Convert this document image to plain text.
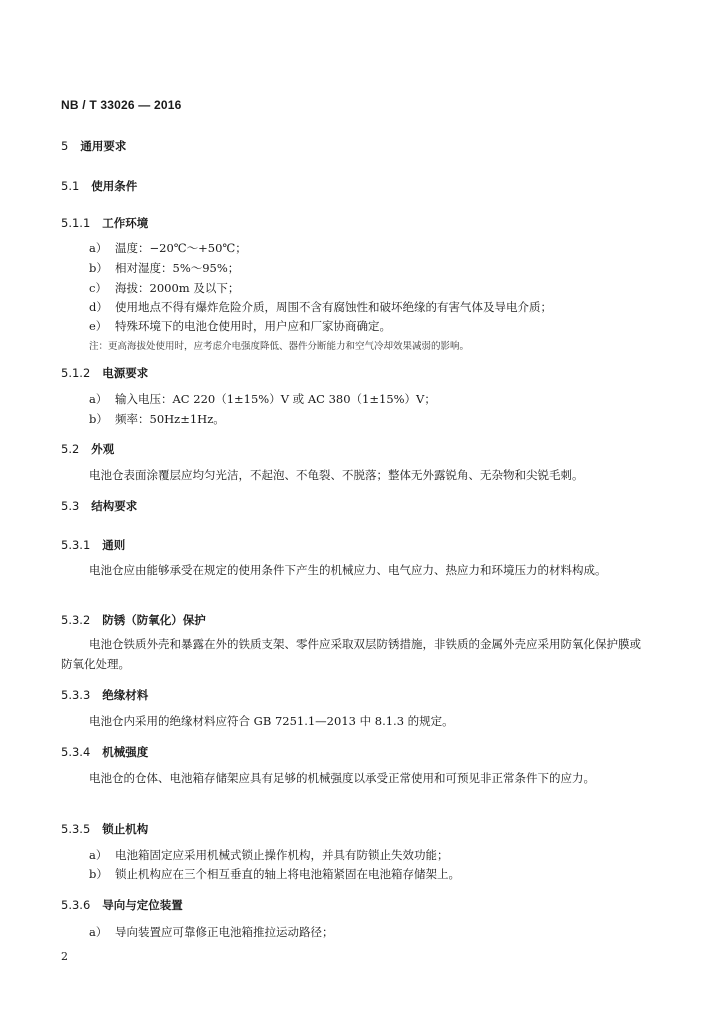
NB / T 33026 — 2016
5 通用要求
5.1 使用条件
5.1.1 工作环境
a） 温度：−20℃～+50℃；
b） 相对湿度：5%～95%；
c） 海拔：2000m 及以下；
d） 使用地点不得有爆炸危险介质，周围不含有腐蚀性和破坏绝缘的有害气体及导电介质；
e） 特殊环境下的电池仓使用时，用户应和厂家协商确定。
注：更高海拔处使用时，应考虑介电强度降低、器件分断能力和空气冷却效果减弱的影响。
5.1.2 电源要求
a） 输入电压：AC 220（1±15%）V 或 AC 380（1±15%）V；
b） 频率：50Hz±1Hz。
5.2 外观
电池仓表面涂覆层应均匀光洁，不起泡、不龟裂、不脱落；整体无外露锐角、无杂物和尖锐毛刺。
5.3 结构要求
5.3.1 通则
电池仓应由能够承受在规定的使用条件下产生的机械应力、电气应力、热应力和环境压力的材料构成。
5.3.2 防锈（防氧化）保护
电池仓铁质外壳和暴露在外的铁质支架、零件应采取双层防锈措施，非铁质的金属外壳应采用防氧化保护膜或防氧化处理。
5.3.3 绝缘材料
电池仓内采用的绝缘材料应符合 GB 7251.1—2013 中 8.1.3 的规定。
5.3.4 机械强度
电池仓的仓体、电池箱存储架应具有足够的机械强度以承受正常使用和可预见非正常条件下的应力。
5.3.5 锁止机构
a） 电池箱固定应采用机械式锁止操作机构，并具有防锁止失效功能；
b） 锁止机构应在三个相互垂直的轴上将电池箱紧固在电池箱存储架上。
5.3.6 导向与定位装置
a） 导向装置应可靠修正电池箱推拉运动路径；
2
